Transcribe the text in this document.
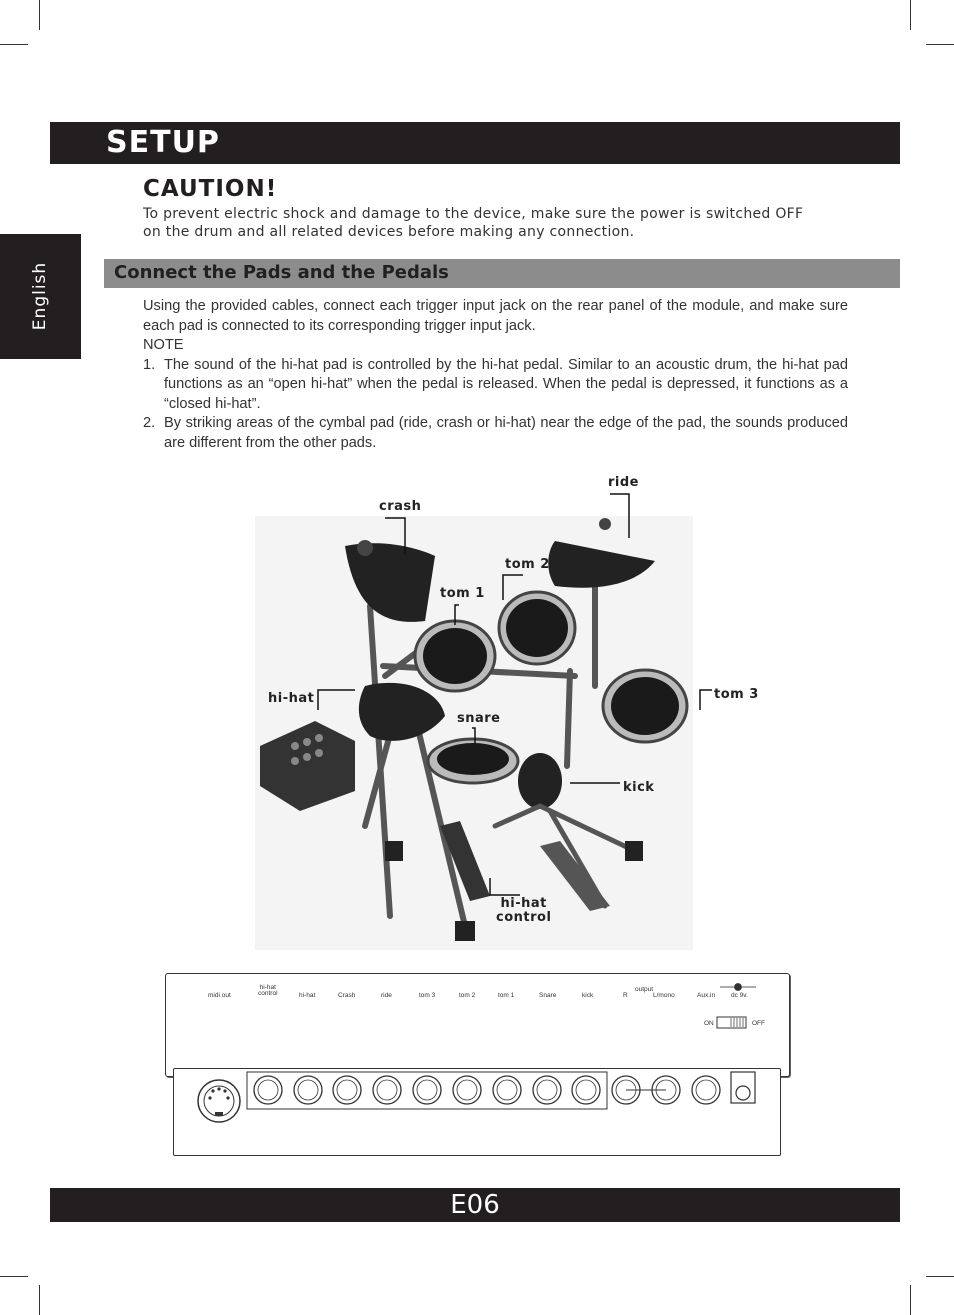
SETUP
English
CAUTION!
To prevent electric shock and damage to the device, make sure the power is switched OFF
on the drum and all related devices before making any connection.
Connect the Pads and the Pedals

Using the provided cables, connect each trigger input jack on the rear panel of the module, and make sure each pad is connected to its corresponding trigger input jack.

NOTE
1. The sound of the hi-hat pad is controlled by the hi-hat pedal. Similar to an acoustic drum, the hi-hat pad functions as an “open hi-hat” when the pedal is released. When the pedal is depressed, it functions as a “closed hi-hat”.
2. By striking areas of the cymbal pad (ride, crash or hi-hat) near the edge of the pad, the sounds produced are different from the other pads.
crash
ride
tom 2
tom 1
hi-hat	tom 3
snare
kick
hi-hat
control
midi out
hi-hat
control	hi-hat	Crash	ride	tom 3	tom 2	tom 1	Snare	kick
output
R	L/mono	Aux.in dc 9v.
ON	OFF
E06
